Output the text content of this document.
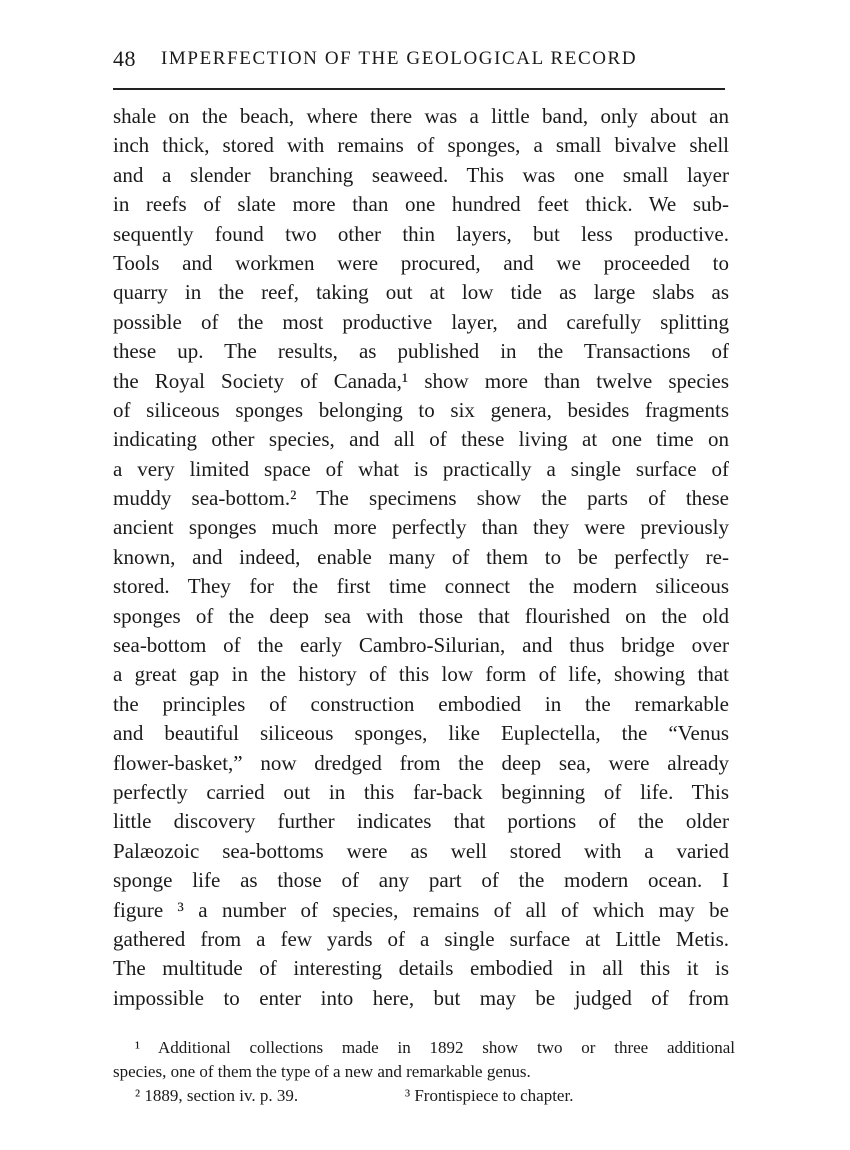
48 IMPERFECTION OF THE GEOLOGICAL RECORD
shale on the beach, where there was a little band, only about an
inch thick, stored with remains of sponges, a small bivalve shell
and a slender branching seaweed. This was one small layer
in reefs of slate more than one hundred feet thick. We sub-
sequently found two other thin layers, but less productive.
Tools and workmen were procured, and we proceeded to
quarry in the reef, taking out at low tide as large slabs as
possible of the most productive layer, and carefully splitting
these up. The results, as published in the Transactions of
the Royal Society of Canada,¹ show more than twelve species
of siliceous sponges belonging to six genera, besides fragments
indicating other species, and all of these living at one time on
a very limited space of what is practically a single surface of
muddy sea-bottom.² The specimens show the parts of these
ancient sponges much more perfectly than they were previously
known, and indeed, enable many of them to be perfectly re-
stored. They for the first time connect the modern siliceous
sponges of the deep sea with those that flourished on the old
sea-bottom of the early Cambro-Silurian, and thus bridge over
a great gap in the history of this low form of life, showing that
the principles of construction embodied in the remarkable
and beautiful siliceous sponges, like Euplectella, the “Venus
flower-basket,” now dredged from the deep sea, were already
perfectly carried out in this far-back beginning of life. This
little discovery further indicates that portions of the older
Palæozoic sea-bottoms were as well stored with a varied
sponge life as those of any part of the modern ocean. I
figure ³ a number of species, remains of all of which may be
gathered from a few yards of a single surface at Little Metis.
The multitude of interesting details embodied in all this it is
impossible to enter into here, but may be judged of from
¹ Additional collections made in 1892 show two or three additional
species, one of them the type of a new and remarkable genus.
² 1889, section iv. p. 39.	³ Frontispiece to chapter.
